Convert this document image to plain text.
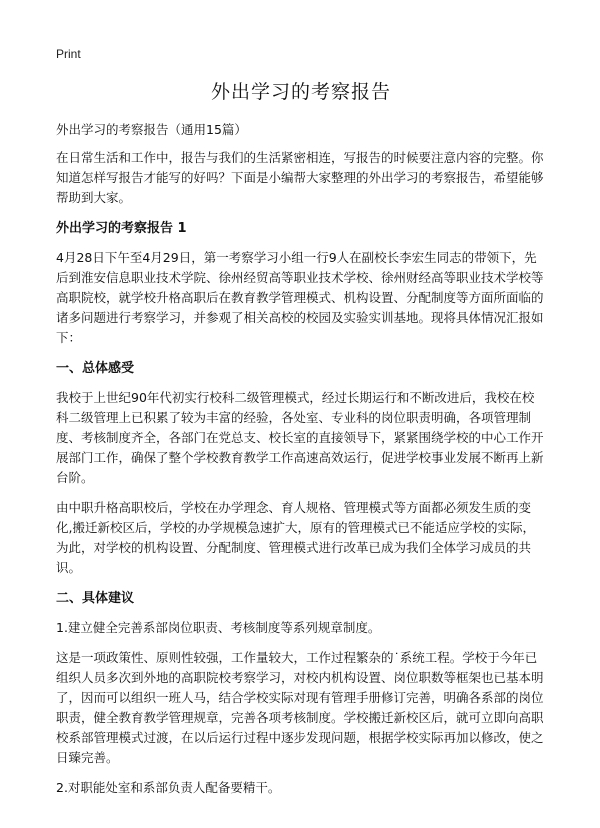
Print
外出学习的考察报告
外出学习的考察报告（通用15篇）

在日常生活和工作中，报告与我们的生活紧密相连，写报告的时候要注意内容的完整。你知道怎样写报告才能写的好吗？下面是小编帮大家整理的外出学习的考察报告，希望能够帮助到大家。

外出学习的考察报告 1

4月28日下午至4月29日，第一考察学习小组一行9人在副校长李宏生同志的带领下，先后到淮安信息职业技术学院、徐州经贸高等职业技术学校、徐州财经高等职业技术学校等高职院校，就学校升格高职后在教育教学管理模式、机构设置、分配制度等方面所面临的诸多问题进行考察学习，并参观了相关高校的校园及实验实训基地。现将具体情况汇报如下：

一、总体感受

我校于上世纪90年代初实行校科二级管理模式，经过长期运行和不断改进后，我校在校科二级管理上已积累了较为丰富的经验，各处室、专业科的岗位职责明确，各项管理制度、考核制度齐全，各部门在党总支、校长室的直接领导下，紧紧围绕学校的中心工作开展部门工作，确保了整个学校教育教学工作高速高效运行，促进学校事业发展不断再上新台阶。

由中职升格高职校后，学校在办学理念、育人规格、管理模式等方面都必须发生质的变化,搬迁新校区后，学校的办学规模急速扩大，原有的管理模式已不能适应学校的实际，为此，对学校的机构设置、分配制度、管理模式进行改革已成为我们全体学习成员的共识。

二、具体建议

1.建立健全完善系部岗位职责、考核制度等系列规章制度。

这是一项政策性、原则性较强，工作量较大，工作过程繁杂的˙系统工程。学校于今年已组织人员多次到外地的高职院校考察学习，对校内机构设置、岗位职数等框架也已基本明了，因而可以组织一班人马，结合学校实际对现有管理手册修订完善，明确各系部的岗位职责，健全教育教学管理规章，完善各项考核制度。学校搬迁新校区后，就可立即向高职校系部管理模式过渡，在以后运行过程中逐步发现问题，根据学校实际再加以修改，使之日臻完善。

2.对职能处室和系部负责人配备要精干。
